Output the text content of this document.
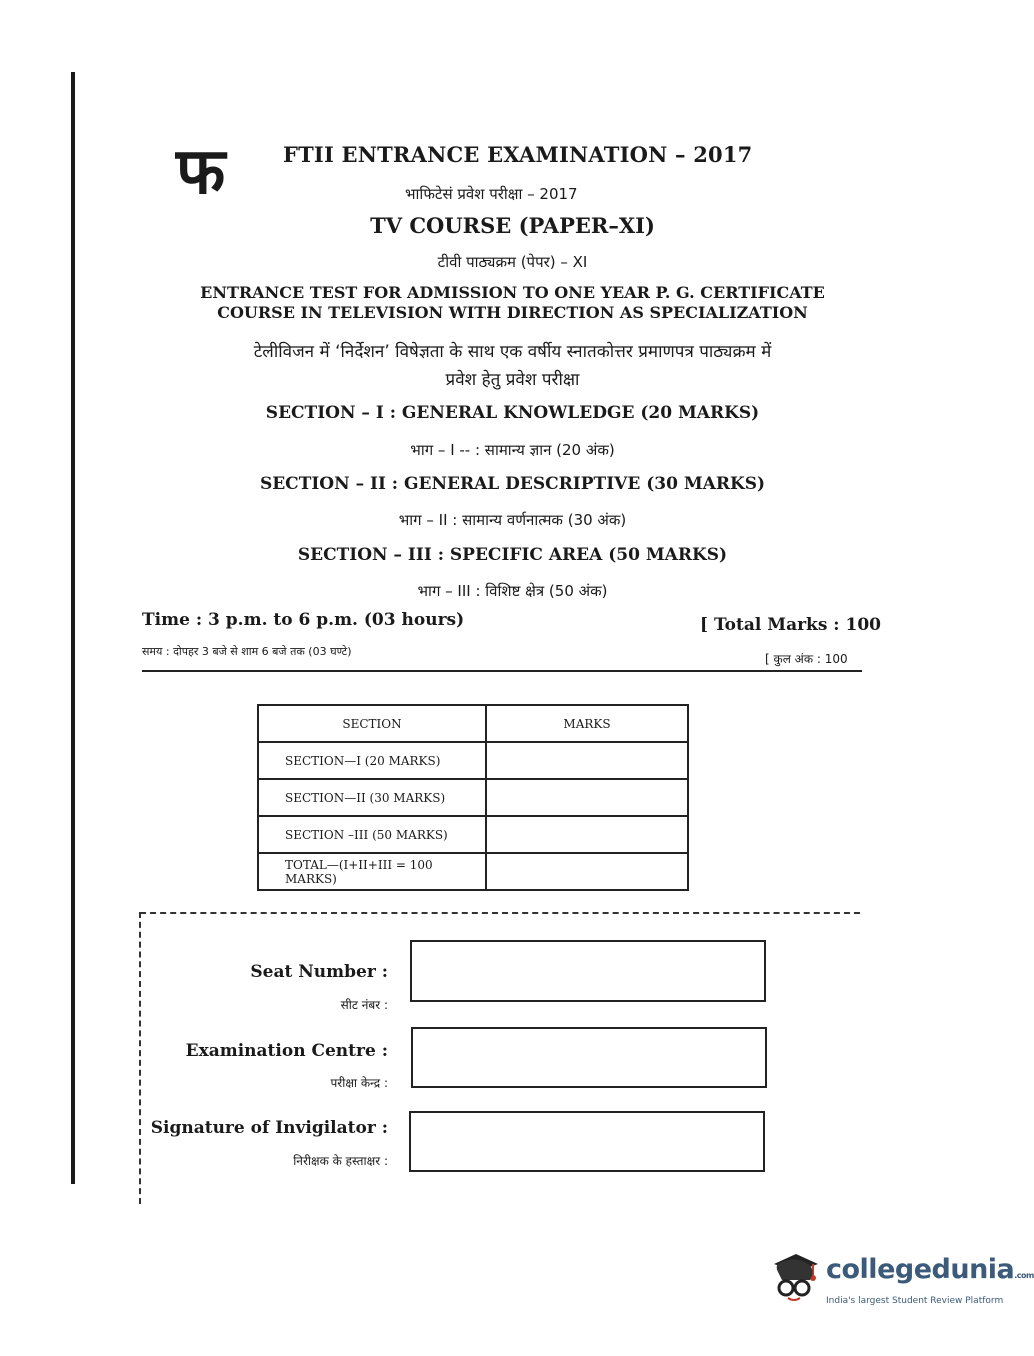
फ	FTII ENTRANCE EXAMINATION – 2017
भाफिटेसं प्रवेश परीक्षा – 2017
TV COURSE (PAPER–XI)
टीवी पाठ्यक्रम (पेपर) – XI
ENTRANCE TEST FOR ADMISSION TO ONE YEAR P. G. CERTIFICATE
COURSE IN TELEVISION WITH DIRECTION AS SPECIALIZATION
टेलीविजन में ‘निर्देशन’ विषेज्ञता के साथ एक वर्षीय स्नातकोत्तर प्रमाणपत्र पाठ्यक्रम में
प्रवेश हेतु प्रवेश परीक्षा
SECTION – I : GENERAL KNOWLEDGE (20 MARKS)
भाग – I -- : सामान्य ज्ञान (20 अंक)
SECTION – II : GENERAL DESCRIPTIVE (30 MARKS)
भाग – II : सामान्य वर्णनात्मक (30 अंक)
SECTION – III : SPECIFIC AREA (50 MARKS)
भाग – III : विशिष्ट क्षेत्र (50 अंक)
Time : 3 p.m. to 6 p.m. (03 hours)
समय : दोपहर 3 बजे से शाम 6 बजे तक (03 घण्टे)
[ Total Marks : 100
[ कुल अंक : 100
SECTION	MARKS
SECTION—I (20 MARKS)	
SECTION—II (30 MARKS)	
SECTION –III (50 MARKS)	
TOTAL—(I+II+III = 100 MARKS)	
Seat Number :
सीट नंबर :
Examination Centre :
परीक्षा केन्द्र :
Signature of Invigilator :
निरीक्षक के हस्ताक्षर :
collegedunia.com
India's largest Student Review Platform
